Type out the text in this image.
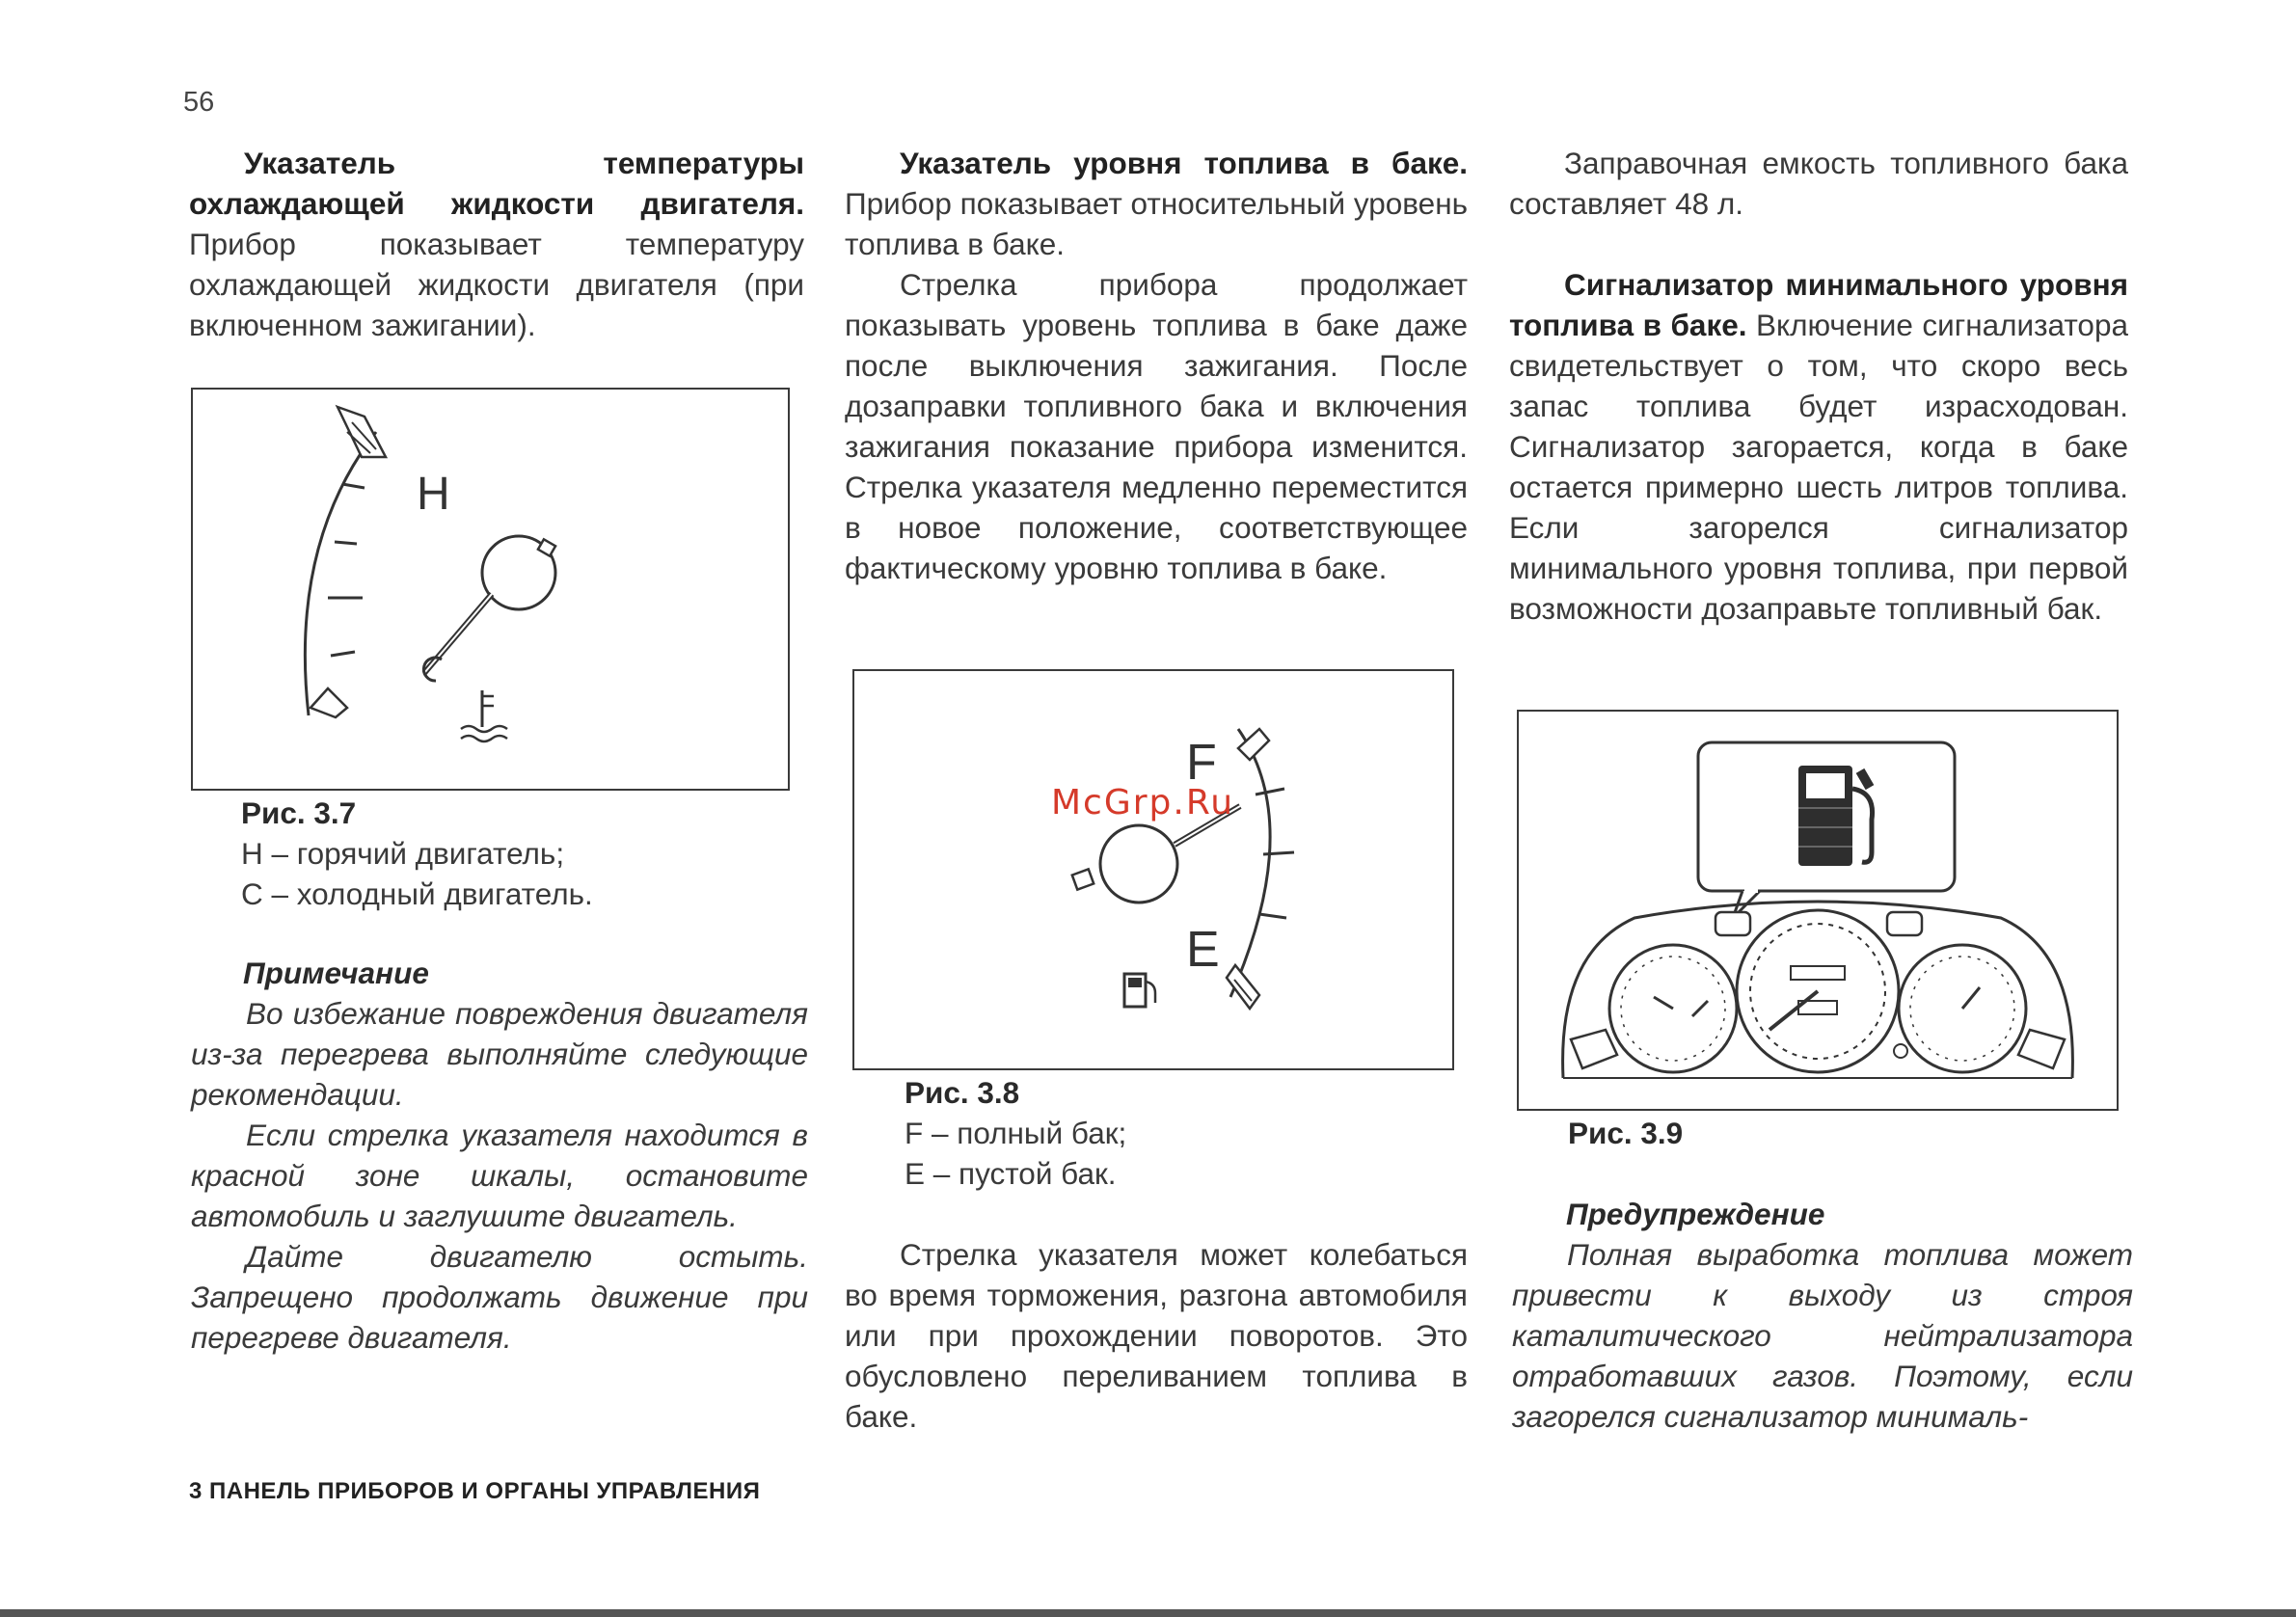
56

Указатель температуры охлаждающей жидкости двигателя. Прибор показывает температуру охлаждающей жидкости двигателя (при включенном зажигании).

H
Рис. 3.7
Н – горячий двигатель;
С – холодный двигатель.

Примечание

Во избежание повреждения двигателя из-за перегрева выполняйте следующие рекомендации.

Если стрелка указателя находится в красной зоне шкалы, остановите автомобиль и заглушите двигатель.

Дайте двигателю остыть. Запрещено продолжать движение при перегреве двигателя.

Указатель уровня топлива в баке. Прибор показывает относительный уровень топлива в баке.

Стрелка прибора продолжает показывать уровень топлива в баке даже после выключения зажигания. После дозаправки топливного бака и включения зажигания показание прибора изменится. Стрелка указателя медленно переместится в новое положение, соответствующее фактическому уровню топлива в баке.

F
E
McGrp.Ru
Рис. 3.8
F – полный бак;
E – пустой бак.

Стрелка указателя может колебаться во время торможения, разгона автомобиля или при прохождении поворотов. Это обусловлено переливанием топлива в баке.

Заправочная емкость топливного бака составляет 48 л.

Сигнализатор минимального уровня топлива в баке. Включение сигнализатора свидетельствует о том, что скоро весь запас топлива будет израсходован. Сигнализатор загорается, когда в баке остается примерно шесть литров топлива. Если загорелся сигнализатор минимального уровня топлива, при первой возможности дозаправьте топливный бак.

Рис. 3.9

Предупреждение

Полная выработка топлива может привести к выходу из строя каталитического нейтрализатора отработавших газов. Поэтому, если загорелся сигнализатор минималь-

3 ПАНЕЛЬ ПРИБОРОВ И ОРГАНЫ УПРАВЛЕНИЯ
